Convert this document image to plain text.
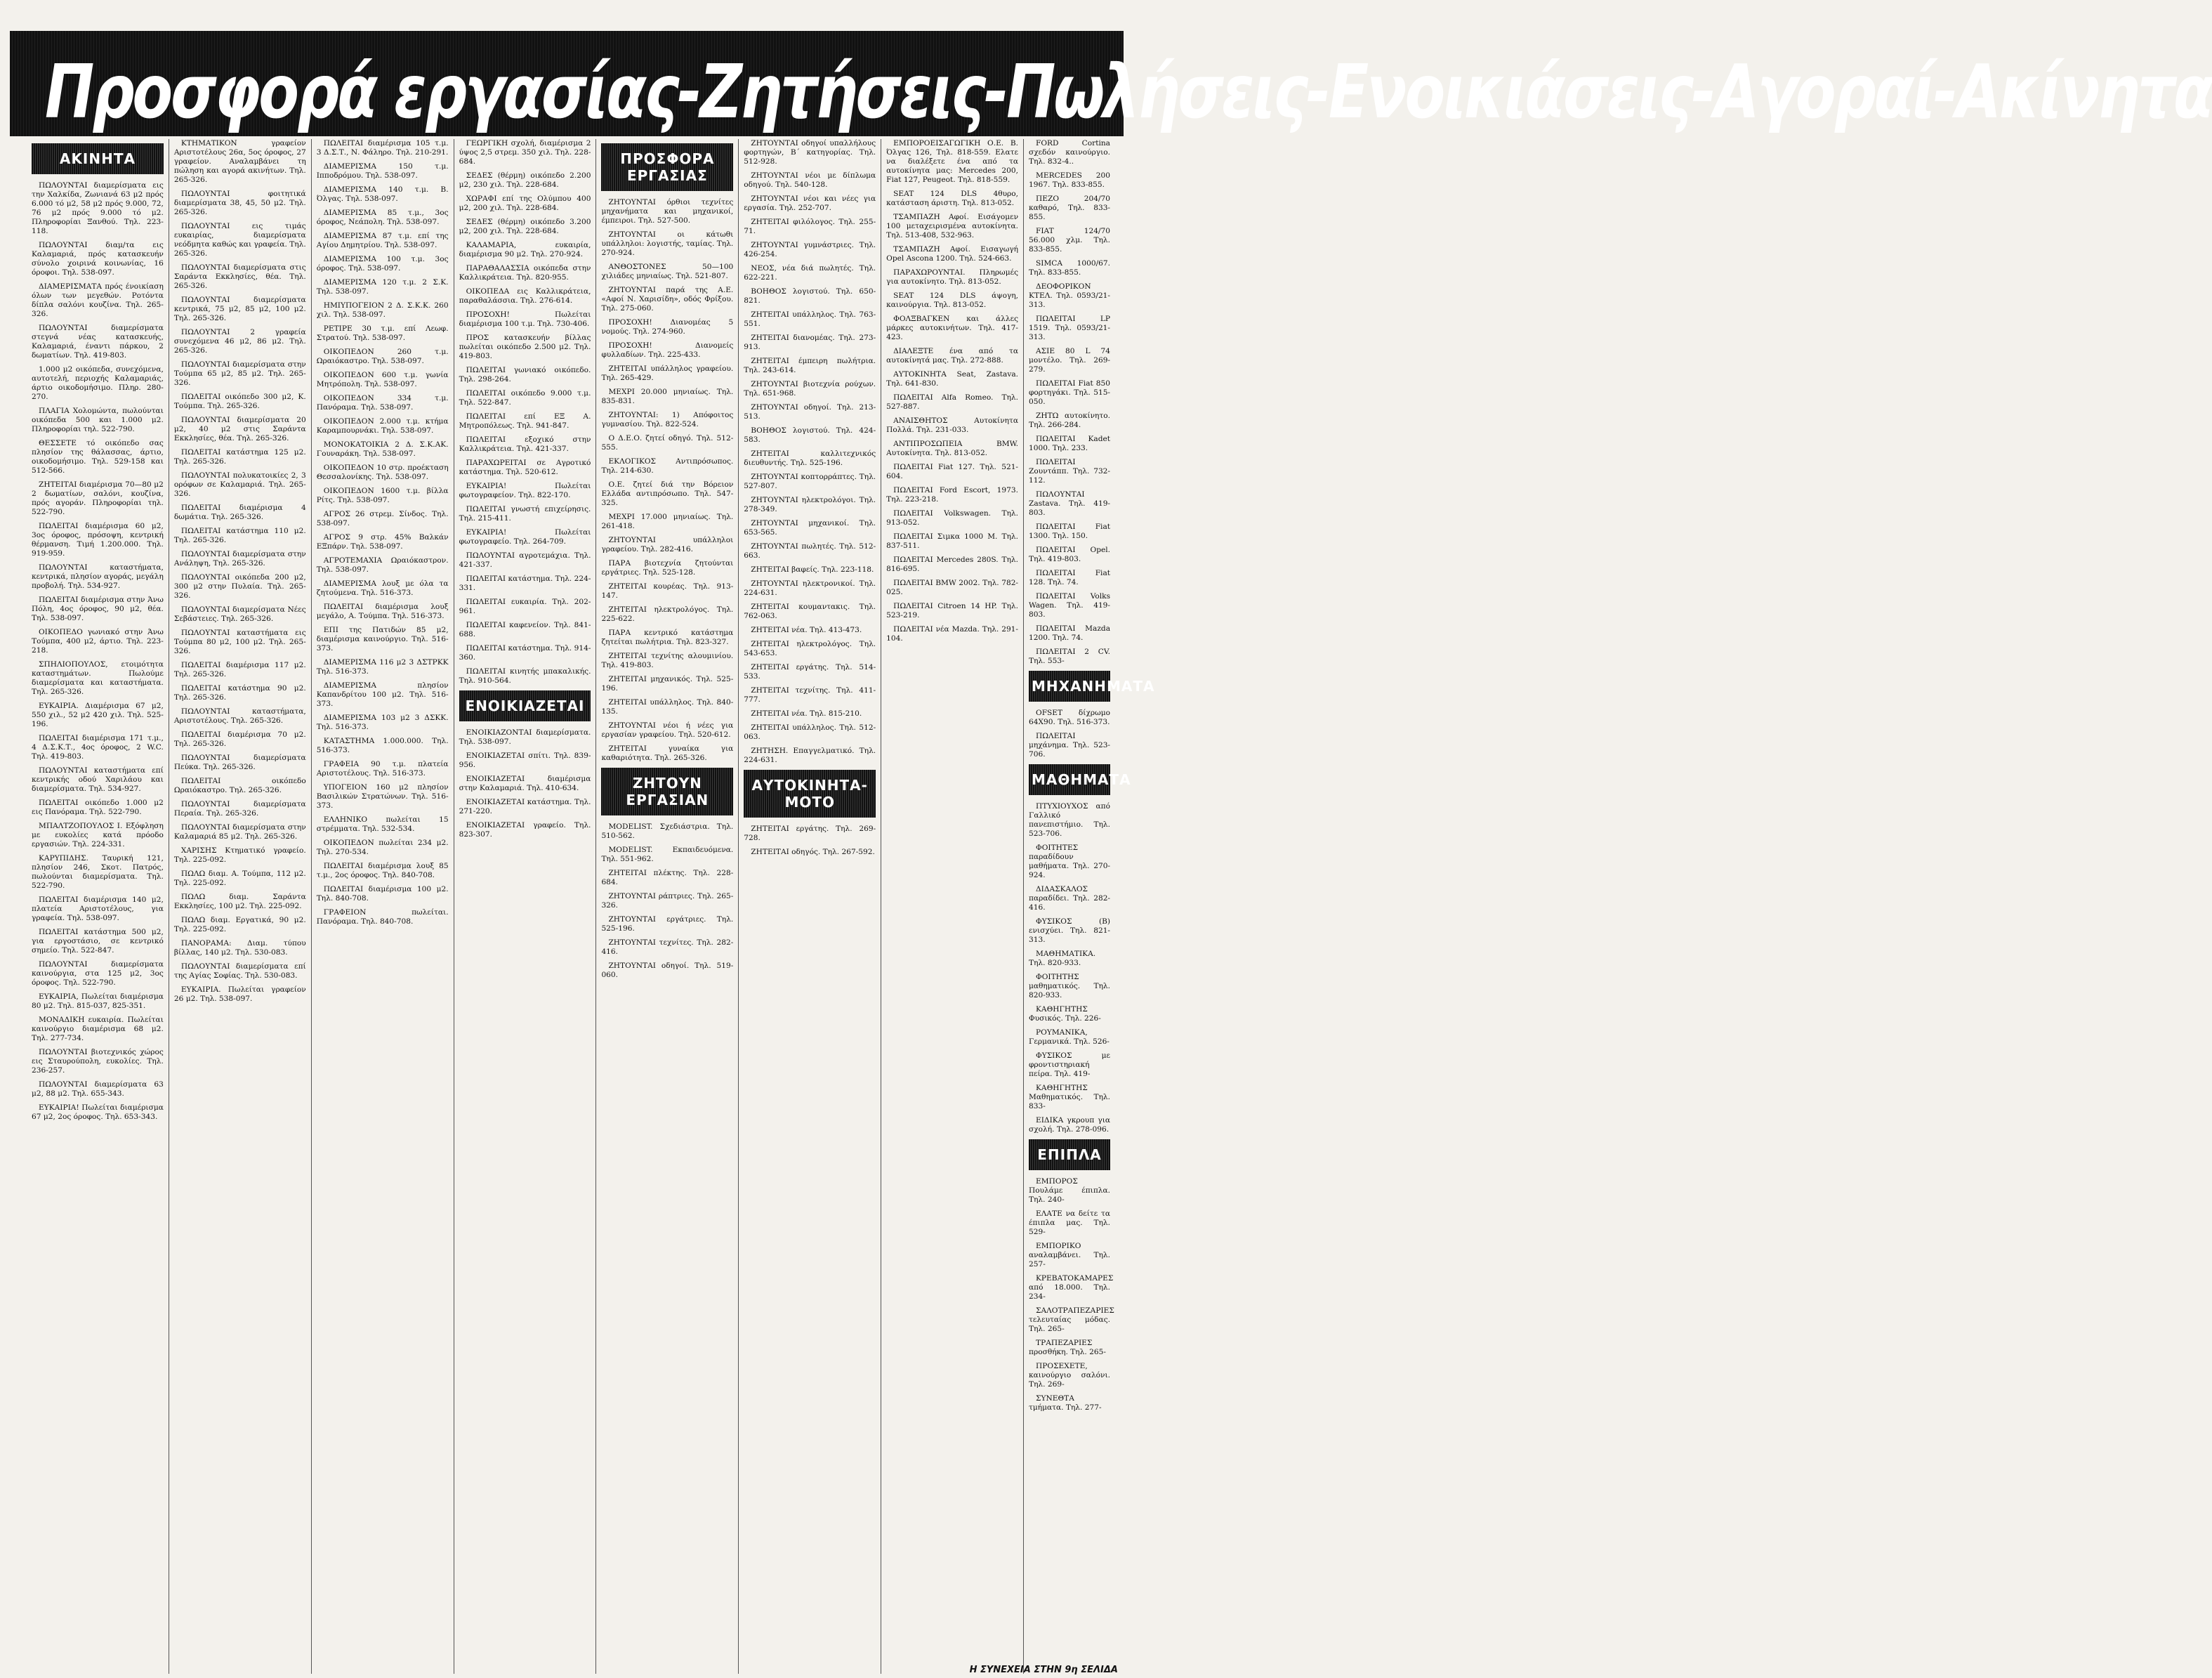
Προσφορά εργασίας-Ζητήσεις-Πωλήσεις-Ενοικιάσεις-Αγοραί-Ακίνητα
ΑΚΙΝΗΤΑ

ΠΩΛΟΥΝΤΑΙ διαμερίσματα εις την Χαλκίδα, Ζωνιανά 63 μ2 πρός 6.000 τό μ2, 58 μ2 πρός 9.000, 72, 76 μ2 πρός 9.000 τό μ2. Πληροφορίαι Ξανθού. Τηλ. 223-118.

ΠΩΛΟΥΝΤΑΙ διαμ/τα εις Καλαμαριά, πρός κατασκευήν σύνολο χοιρινά κοινωνίας, 16 όροφοι. Τηλ. 538-097.

ΔΙΑΜΕΡΙΣΜΑΤΑ πρός ένοικίαση όλων των μεγεθών. Ροτόντα δίπλα σαλόνι κουζίνα. Τηλ. 265-326.

ΠΩΛΟΥΝΤΑΙ διαμερίσματα στεγνά νέας κατασκευής, Καλαμαριά, έναντι πάρκου, 2 δωματίων. Τηλ. 419-803.

1.000 μ2 οικόπεδα, συνεχόμενα, αυτοτελή, περιοχής Καλαμαριάς, άρτιο οικοδομήσιμο. Πληρ. 280-270.

ΠΛΑΓΙΑ Χολομώντα, πωλούνται οικόπεδα 500 και 1.000 μ2. Πληροφορίαι τηλ. 522-790.

ΘΕΣΣΕΤΕ τό οικόπεδο σας πλησίον της θάλασσας, άρτιο, οικοδομήσιμο. Τηλ. 529-158 και 512-566.

ΖΗΤΕΙΤΑΙ διαμέρισμα 70—80 μ2 2 δωματίων, σαλόνι, κουζίνα, πρός αγοράν. Πληροφορίαι τηλ. 522-790.

ΠΩΛΕΙΤΑΙ διαμέρισμα 60 μ2, 3ος όροφος, πρόσοψη, κεντρική θέρμανση. Τιμή 1.200.000. Τηλ. 919-959.

ΠΩΛΟΥΝΤΑΙ καταστήματα, κεντρικά, πλησίον αγοράς, μεγάλη προβολή. Τηλ. 534-927.

ΠΩΛΕΙΤΑΙ διαμέρισμα στην Άνω Πόλη, 4ος όροφος, 90 μ2, θέα. Τηλ. 538-097.

ΟΙΚΟΠΕΔΟ γωνιακό στην Άνω Τούμπα, 400 μ2, άρτιο. Τηλ. 223-218.

ΣΠΗΛΙΟΠΟΥΛΟΣ, ετοιμότητα καταστημάτων. Πωλούμε διαμερίσματα και καταστήματα. Τηλ. 265-326.

ΕΥΚΑΙΡΙΑ. Διαμέρισμα 67 μ2, 550 χιλ., 52 μ2 420 χιλ. Τηλ. 525-196.

ΠΩΛΕΙΤΑΙ διαμέρισμα 171 τ.μ., 4 Δ.Σ.Κ.Τ., 4ος όροφος, 2 W.C. Τηλ. 419-803.

ΠΩΛΟΥΝΤΑΙ καταστήματα επί κεντρικής οδού Χαριλάου και διαμερίσματα. Τηλ. 534-927.

ΠΩΛΕΙΤΑΙ οικόπεδο 1.000 μ2 εις Πανόραμα. Τηλ. 522-790.

ΜΠΑΛΤΖΟΠΟΥΛΟΣ Ι. Εξόφληση με ευκολίες κατά πρόοδο εργασιών. Τηλ. 224-331.

ΚΑΡΥΠΙΔΗΣ. Ταυρική 121, πλησίον 246, Σκοτ. Πατρός, πωλούνται διαμερίσματα. Τηλ. 522-790.

ΠΩΛΕΙΤΑΙ διαμέρισμα 140 μ2, πλατεία Αριστοτέλους, για γραφεία. Τηλ. 538-097.

ΠΩΛΕΙΤΑΙ κατάστημα 500 μ2, για εργοστάσιο, σε κεντρικό σημείο. Τηλ. 522-847.

ΠΩΛΟΥΝΤΑΙ διαμερίσματα καινούργια, στα 125 μ2, 3ος όροφος. Τηλ. 522-790.

ΕΥΚΑΙΡΙΑ, Πωλείται διαμέρισμα 80 μ2. Τηλ. 815-037, 825-351.

ΜΟΝΑΔΙΚΗ ευκαιρία. Πωλείται καινούργιο διαμέρισμα 68 μ2. Τηλ. 277-734.

ΠΩΛΟΥΝΤΑΙ βιοτεχνικός χώρος εις Σταυρούπολη, ευκολίες. Τηλ. 236-257.

ΠΩΛΟΥΝΤΑΙ διαμερίσματα 63 μ2, 88 μ2. Τηλ. 655-343.

ΕΥΚΑΙΡΙΑ! Πωλείται διαμέρισμα 67 μ2, 2ος όροφος. Τηλ. 653-343.

ΚΤΗΜΑΤΙΚΟΝ γραφείον Αριστοτέλους 26α, 5ος όροφος, 27 γραφείον. Αναλαμβάνει τη πώληση και αγορά ακινήτων. Τηλ. 265-326.

ΠΩΛΟΥΝΤΑΙ φοιτητικά διαμερίσματα 38, 45, 50 μ2. Τηλ. 265-326.

ΠΩΛΟΥΝΤΑΙ εις τιμάς ευκαιρίας, διαμερίσματα νεόδμητα καθώς και γραφεία. Τηλ. 265-326.

ΠΩΛΟΥΝΤΑΙ διαμερίσματα στις Σαράντα Εκκλησίες, θέα. Τηλ. 265-326.

ΠΩΛΟΥΝΤΑΙ διαμερίσματα κεντρικά, 75 μ2, 85 μ2, 100 μ2. Τηλ. 265-326.

ΠΩΛΟΥΝΤΑΙ 2 γραφεία συνεχόμενα 46 μ2, 86 μ2. Τηλ. 265-326.

ΠΩΛΟΥΝΤΑΙ διαμερίσματα στην Τούμπα 65 μ2, 85 μ2. Τηλ. 265-326.

ΠΩΛΕΙΤΑΙ οικόπεδο 300 μ2, Κ. Τούμπα. Τηλ. 265-326.

ΠΩΛΟΥΝΤΑΙ διαμερίσματα 20 μ2, 40 μ2 στις Σαράντα Εκκλησίες, θέα. Τηλ. 265-326.

ΠΩΛΕΙΤΑΙ κατάστημα 125 μ2. Τηλ. 265-326.

ΠΩΛΟΥΝΤΑΙ πολυκατοικίες 2, 3 ορόφων σε Καλαμαριά. Τηλ. 265-326.

ΠΩΛΕΙΤΑΙ διαμέρισμα 4 δωμάτια. Τηλ. 265-326.

ΠΩΛΕΙΤΑΙ κατάστημα 110 μ2. Τηλ. 265-326.

ΠΩΛΟΥΝΤΑΙ διαμερίσματα στην Ανάληψη, Τηλ. 265-326.

ΠΩΛΟΥΝΤΑΙ οικόπεδα 200 μ2, 300 μ2 στην Πυλαία. Τηλ. 265-326.

ΠΩΛΟΥΝΤΑΙ διαμερίσματα Νέες Σεβάστειες. Τηλ. 265-326.

ΠΩΛΟΥΝΤΑΙ καταστήματα εις Τούμπα 80 μ2, 100 μ2. Τηλ. 265-326.

ΠΩΛΕΙΤΑΙ διαμέρισμα 117 μ2. Τηλ. 265-326.

ΠΩΛΕΙΤΑΙ κατάστημα 90 μ2. Τηλ. 265-326.

ΠΩΛΟΥΝΤΑΙ καταστήματα, Αριστοτέλους. Τηλ. 265-326.

ΠΩΛΕΙΤΑΙ διαμέρισμα 70 μ2. Τηλ. 265-326.

ΠΩΛΟΥΝΤΑΙ διαμερίσματα Πεύκα. Τηλ. 265-326.

ΠΩΛΕΙΤΑΙ οικόπεδο Ωραιόκαστρο. Τηλ. 265-326.

ΠΩΛΟΥΝΤΑΙ διαμερίσματα Περαία. Τηλ. 265-326.

ΠΩΛΟΥΝΤΑΙ διαμερίσματα στην Καλαμαριά 85 μ2. Τηλ. 265-326.

ΧΑΡΙΣΗΣ Κτηματικό γραφείο. Τηλ. 225-092.

ΠΩΛΩ διαμ. Α. Τούμπα, 112 μ2. Τηλ. 225-092.

ΠΩΛΩ διαμ. Σαράντα Εκκλησίες, 100 μ2. Τηλ. 225-092.

ΠΩΛΩ διαμ. Εργατικά, 90 μ2. Τηλ. 225-092.

ΠΑΝΟΡΑΜΑ: Διαμ. τύπου βίλλας, 140 μ2. Τηλ. 530-083.

ΠΩΛΟΥΝΤΑΙ διαμερίσματα επί της Αγίας Σοφίας. Τηλ. 530-083.

ΕΥΚΑΙΡΙΑ. Πωλείται γραφείον 26 μ2. Τηλ. 538-097.

ΠΩΛΕΙΤΑΙ διαμέρισμα 105 τ.μ. 3 Δ.Σ.Τ., Ν. Φάληρο. Τηλ. 210-291.

ΔΙΑΜΕΡΙΣΜΑ 150 τ.μ. Ιπποδρόμου. Τηλ. 538-097.

ΔΙΑΜΕΡΙΣΜΑ 140 τ.μ. Β. Όλγας. Τηλ. 538-097.

ΔΙΑΜΕΡΙΣΜΑ 85 τ.μ., 3ος όροφος, Νεάπολη. Τηλ. 538-097.

ΔΙΑΜΕΡΙΣΜΑ 87 τ.μ. επί της Αγίου Δημητρίου. Τηλ. 538-097.

ΔΙΑΜΕΡΙΣΜΑ 100 τ.μ. 3ος όροφος. Τηλ. 538-097.

ΔΙΑΜΕΡΙΣΜΑ 120 τ.μ. 2 Σ.Κ. Τηλ. 538-097.

ΗΜΙΥΠΟΓΕΙΟΝ 2 Δ. Σ.Κ.Κ. 260 χιλ. Τηλ. 538-097.

ΡΕΤΙΡΕ 30 τ.μ. επί Λεωφ. Στρατού. Τηλ. 538-097.

ΟΙΚΟΠΕΔΟΝ 260 τ.μ. Ωραιόκαστρο. Τηλ. 538-097.

ΟΙΚΟΠΕΔΟΝ 600 τ.μ. γωνία Μητρόπολη. Τηλ. 538-097.

ΟΙΚΟΠΕΔΟΝ 334 τ.μ. Πανόραμα. Τηλ. 538-097.

ΟΙΚΟΠΕΔΟΝ 2.000 τ.μ. κτήμα Καραμπουρνάκι. Τηλ. 538-097.

ΜΟΝΟΚΑΤΟΙΚΙΑ 2 Δ. Σ.Κ.ΑΚ. Γουναράκη. Τηλ. 538-097.

ΟΙΚΟΠΕΔΟΝ 10 στρ. προέκταση Θεσσαλονίκης. Τηλ. 538-097.

ΟΙΚΟΠΕΔΟΝ 1600 τ.μ. βίλλα Ρίτς. Τηλ. 538-097.

ΑΓΡΟΣ 26 στρεμ. Σίνδος. Τηλ. 538-097.

ΑΓΡΟΣ 9 στρ. 45% Βαλκάν ΕΞπάρν. Τηλ. 538-097.

ΑΓΡΟΤΕΜΑΧΙΑ Ωραιόκαστρον. Τηλ. 538-097.

ΔΙΑΜΕΡΙΣΜΑ λουξ με όλα τα ζητούμενα. Τηλ. 516-373.

ΠΩΛΕΙΤΑΙ διαμέρισμα λουξ μεγάλο, Α. Τούμπα. Τηλ. 516-373.

ΕΠΙ της Πατιδών 85 μ2, διαμέρισμα καινούργιο. Τηλ. 516-373.

ΔΙΑΜΕΡΙΣΜΑ 116 μ2 3 ΔΣΤΡΚΚ Τηλ. 516-373.

ΔΙΑΜΕΡΙΣΜΑ πλησίον Καπανδρίτου 100 μ2. Τηλ. 516-373.

ΔΙΑΜΕΡΙΣΜΑ 103 μ2 3 ΔΣΚΚ. Τηλ. 516-373.

ΚΑΤΑΣΤΗΜΑ 1.000.000. Τηλ. 516-373.

ΓΡΑΦΕΙΑ 90 τ.μ. πλατεία Αριστοτέλους. Τηλ. 516-373.

ΥΠΟΓΕΙΟΝ 160 μ2 πλησίον Βασιλικών Στρατώνων. Τηλ. 516-373.

ΕΛΛΗΝΙΚΟ πωλείται 15 στρέμματα. Τηλ. 532-534.

ΟΙΚΟΠΕΔΟΝ πωλείται 234 μ2. Τηλ. 270-534.

ΠΩΛΕΙΤΑΙ διαμέρισμα λουξ 85 τ.μ., 2ος όροφος. Τηλ. 840-708.

ΠΩΛΕΙΤΑΙ διαμέρισμα 100 μ2. Τηλ. 840-708.

ΓΡΑΦΕΙΟΝ πωλείται. Πανόραμα. Τηλ. 840-708.

ΓΕΩΡΓΙΚΗ σχολή, διαμέρισμα 2 ύψος 2,5 στρεμ. 350 χιλ. Τηλ. 228-684.

ΣΕΔΕΣ (θέρμη) οικόπεδο 2.200 μ2, 230 χιλ. Τηλ. 228-684.

ΧΩΡΑΦΙ επί της Ολύμπου 400 μ2, 200 χιλ. Τηλ. 228-684.

ΣΕΔΕΣ (θέρμη) οικόπεδο 3.200 μ2, 200 χιλ. Τηλ. 228-684.

ΚΑΛΑΜΑΡΙΑ, ευκαιρία, διαμέρισμα 90 μ2. Τηλ. 270-924.

ΠΑΡΑΘΑΛΑΣΣΙΑ οικόπεδα στην Καλλικράτεια. Τηλ. 820-955.

ΟΙΚΟΠΕΔΑ εις Καλλικράτεια, παραθαλάσσια. Τηλ. 276-614.

ΠΡΟΣΟΧΗ! Πωλείται διαμέρισμα 100 τ.μ. Τηλ. 730-406.

ΠΡΟΣ κατασκευήν βίλλας πωλείται οικόπεδο 2.500 μ2. Τηλ. 419-803.

ΠΩΛΕΙΤΑΙ γωνιακό οικόπεδο. Τηλ. 298-264.

ΠΩΛΕΙΤΑΙ οικόπεδο 9.000 τ.μ. Τηλ. 522-847.

ΠΩΛΕΙΤΑΙ επί ΕΞ Α. Μητροπόλεως. Τηλ. 941-847.

ΠΩΛΕΙΤΑΙ εξοχικό στην Καλλικράτεια. Τηλ. 421-337.

ΠΑΡΑΧΩΡΕΙΤΑΙ σε Αγροτικό κατάστημα. Τηλ. 520-612.

ΕΥΚΑΙΡΙΑ! Πωλείται φωτογραφείον. Τηλ. 822-170.

ΠΩΛΕΙΤΑΙ γνωστή επιχείρησις. Τηλ. 215-411.

ΕΥΚΑΙΡΙΑ! Πωλείται φωτογραφείο. Τηλ. 264-709.

ΠΩΛΟΥΝΤΑΙ αγροτεμάχια. Τηλ. 421-337.

ΠΩΛΕΙΤΑΙ κατάστημα. Τηλ. 224-331.

ΠΩΛΕΙΤΑΙ ευκαιρία. Τηλ. 202-961.

ΠΩΛΕΙΤΑΙ καφενείον. Τηλ. 841-688.

ΠΩΛΕΙΤΑΙ κατάστημα. Τηλ. 914-360.

ΠΩΛΕΙΤΑΙ κινητής μπακαλικής. Τηλ. 910-564.

ΕΝΟΙΚΙΑΖΕΤΑΙ

ΕΝΟΙΚΙΑΖΟΝΤΑΙ διαμερίσματα. Τηλ. 538-097.

ΕΝΟΙΚΙΑΖΕΤΑΙ σπίτι. Τηλ. 839-956.

ΕΝΟΙΚΙΑΖΕΤΑΙ διαμέρισμα στην Καλαμαριά. Τηλ. 410-634.

ΕΝΟΙΚΙΑΖΕΤΑΙ κατάστημα. Τηλ. 271-220.

ΕΝΟΙΚΙΑΖΕΤΑΙ γραφείο. Τηλ. 823-307.

ΠΡΟΣΦΟΡΑ ΕΡΓΑΣΙΑΣ

ΖΗΤΟΥΝΤΑΙ όρθιοι τεχνίτες μηχανήματα και μηχανικοί, έμπειροι. Τηλ. 527-500.

ΖΗΤΟΥΝΤΑΙ οι κάτωθι υπάλληλοι: λογιστής, ταμίας. Τηλ. 270-924.

ΑΝΘΟΣΤΟΝΕΣ 50—100 χιλιάδες μηνιαίως. Τηλ. 521-807.

ΖΗΤΟΥΝΤΑΙ παρά της Α.Ε. «Αφοί Ν. Χαρισίδη», οδός Φρίξου. Τηλ. 275-060.

ΠΡΟΣΟΧΗ! Διανομέας 5 νομούς. Τηλ. 274-960.

ΠΡΟΣΟΧΗ! Διανομείς φυλλαδίων. Τηλ. 225-433.

ΖΗΤΕΙΤΑΙ υπάλληλος γραφείου. Τηλ. 265-429.

ΜΕΧΡΙ 20.000 μηνιαίως. Τηλ. 835-831.

ΖΗΤΟΥΝΤΑΙ: 1) Απόφοιτος γυμνασίου. Τηλ. 822-524.

Ο Δ.Ε.Ο. ζητεί οδηγό. Τηλ. 512-555.

ΕΚΛΟΓΙΚΟΣ Αντιπρόσωπος. Τηλ. 214-630.

Ο.Ε. ζητεί διά την Βόρειον Ελλάδα αντιπρόσωπο. Τηλ. 547-325.

ΜΕΧΡΙ 17.000 μηνιαίως. Τηλ. 261-418.

ΖΗΤΟΥΝΤΑΙ υπάλληλοι γραφείου. Τηλ. 282-416.

ΠΑΡΑ βιοτεχνία ζητούνται εργάτριες. Τηλ. 525-128.

ΖΗΤΕΙΤΑΙ κουρέας. Τηλ. 913-147.

ΖΗΤΕΙΤΑΙ ηλεκτρολόγος. Τηλ. 225-622.

ΠΑΡΑ κεντρικό κατάστημα ζητείται πωλήτρια. Τηλ. 823-327.

ΖΗΤΕΙΤΑΙ τεχνίτης αλουμινίου. Τηλ. 419-803.

ΖΗΤΕΙΤΑΙ μηχανικός. Τηλ. 525-196.

ΖΗΤΕΙΤΑΙ υπάλληλος. Τηλ. 840-135.

ΖΗΤΟΥΝΤΑΙ νέοι ή νέες για εργασίαν γραφείου. Τηλ. 520-612.

ΖΗΤΕΙΤΑΙ γυναίκα για καθαριότητα. Τηλ. 265-326.

ΖΗΤΟΥΝ ΕΡΓΑΣΙΑΝ

MODELIST. Σχεδιάστρια. Τηλ. 510-562.

MODELIST. Εκπαιδευόμενα. Τηλ. 551-962.

ΖΗΤΕΙΤΑΙ πλέκτης. Τηλ. 228-684.

ΖΗΤΟΥΝΤΑΙ ράπτριες. Τηλ. 265-326.

ΖΗΤΟΥΝΤΑΙ εργάτριες. Τηλ. 525-196.

ΖΗΤΟΥΝΤΑΙ τεχνίτες. Τηλ. 282-416.

ΖΗΤΟΥΝΤΑΙ οδηγοί. Τηλ. 519-060.

ΖΗΤΟΥΝΤΑΙ οδηγοί υπαλλήλους φορτηγών, Β΄ κατηγορίας. Τηλ. 512-928.

ΖΗΤΟΥΝΤΑΙ νέοι με δίπλωμα οδηγού. Τηλ. 540-128.

ΖΗΤΟΥΝΤΑΙ νέοι και νέες για εργασία. Τηλ. 252-707.

ΖΗΤΕΙΤΑΙ φιλόλογος. Τηλ. 255-71.

ΖΗΤΟΥΝΤΑΙ γυμνάστριες. Τηλ. 426-254.

ΝΕΟΣ, νέα διά πωλητές. Τηλ. 622-221.

ΒΟΗΘΟΣ λογιστού. Τηλ. 650-821.

ΖΗΤΕΙΤΑΙ υπάλληλος. Τηλ. 763-551.

ΖΗΤΕΙΤΑΙ διανομέας. Τηλ. 273-913.

ΖΗΤΕΙΤΑΙ έμπειρη πωλήτρια. Τηλ. 243-614.

ΖΗΤΟΥΝΤΑΙ βιοτεχνία ρούχων. Τηλ. 651-968.

ΖΗΤΟΥΝΤΑΙ οδηγοί. Τηλ. 213-513.

ΒΟΗΘΟΣ λογιστού. Τηλ. 424-583.

ΖΗΤΕΙΤΑΙ καλλιτεχνικός διευθυντής. Τηλ. 525-196.

ΖΗΤΟΥΝΤΑΙ κοπτορράπτες. Τηλ. 527-807.

ΖΗΤΟΥΝΤΑΙ ηλεκτρολόγοι. Τηλ. 278-349.

ΖΗΤΟΥΝΤΑΙ μηχανικοί. Τηλ. 653-565.

ΖΗΤΟΥΝΤΑΙ πωλητές. Τηλ. 512-663.

ΖΗΤΕΙΤΑΙ βαφείς. Τηλ. 223-118.

ΖΗΤΟΥΝΤΑΙ ηλεκτρονικοί. Τηλ. 224-631.

ΖΗΤΕΙΤΑΙ κουμαντακις. Τηλ. 762-063.

ΖΗΤΕΙΤΑΙ νέα. Τηλ. 413-473.

ΖΗΤΕΙΤΑΙ ηλεκτρολόγος. Τηλ. 543-653.

ΖΗΤΕΙΤΑΙ εργάτης. Τηλ. 514-533.

ΖΗΤΕΙΤΑΙ τεχνίτης. Τηλ. 411-777.

ΖΗΤΕΙΤΑΙ νέα. Τηλ. 815-210.

ΖΗΤΕΙΤΑΙ υπάλληλος. Τηλ. 512-063.

ΖΗΤΗΣΗ. Επαγγελματικό. Τηλ. 224-631.

ΑΥΤΟΚΙΝΗΤΑ-ΜΟΤΟ

ΖΗΤΕΙΤΑΙ εργάτης. Τηλ. 269-728.

ΖΗΤΕΙΤΑΙ οδηγός. Τηλ. 267-592.

ΕΜΠΟΡΟΕΙΣΑΓΩΓΙΚΗ Ο.Ε. Β. Όλγας 126, Τηλ. 818-559. Ελατε να διαλέξετε ένα από τα αυτοκίνητα μας: Mercedes 200, Fiat 127, Peugeot. Τηλ. 818-559.

SEAT 124 DLS 4θυρο, κατάσταση άριστη. Τηλ. 813-052.

ΤΣΑΜΠΑΖΗ Αφοί. Εισάγομεν 100 μεταχειρισμένα αυτοκίνητα. Τηλ. 513-408, 532-963.

ΤΣΑΜΠΑΖΗ Αφοί. Εισαγωγή Opel Ascona 1200. Τηλ. 524-663.

ΠΑΡΑΧΩΡΟΥΝΤΑΙ. Πληρωμές για αυτοκίνητο. Τηλ. 813-052.

SEAT 124 DLS άψογη, καινούργια. Τηλ. 813-052.

ΦΟΛΞΒΑΓΚΕΝ και άλλες μάρκες αυτοκινήτων. Τηλ. 417-423.

ΔΙΑΛΕΞΤΕ ένα από τα αυτοκίνητά μας. Τηλ. 272-888.

ΑΥΤΟΚΙΝΗΤΑ Seat, Zastava. Τηλ. 641-830.

ΠΩΛΕΙΤΑΙ Alfa Romeo. Τηλ. 527-887.

ΑΝΑΙΣΘΗΤΟΣ Αυτοκίνητα Πολλά. Τηλ. 231-033.

ΑΝΤΙΠΡΟΣΩΠΕΙΑ BMW. Αυτοκίνητα. Τηλ. 813-052.

ΠΩΛΕΙΤΑΙ Fiat 127. Τηλ. 521-604.

ΠΩΛΕΙΤΑΙ Ford Escort, 1973. Τηλ. 223-218.

ΠΩΛΕΙΤΑΙ Volkswagen. Τηλ. 913-052.

ΠΩΛΕΙΤΑΙ Σιμκα 1000 Μ. Τηλ. 837-511.

ΠΩΛΕΙΤΑΙ Mercedes 280S. Τηλ. 816-695.

ΠΩΛΕΙΤΑΙ BMW 2002. Τηλ. 782-025.

ΠΩΛΕΙΤΑΙ Citroen 14 HP. Τηλ. 523-219.

ΠΩΛΕΙΤΑΙ νέα Mazda. Τηλ. 291-104.

FORD Cortina σχεδόν καινούργιο. Τηλ. 832-4..

MERCEDES 200 1967. Τηλ. 833-855.

ΠΕΖΟ 204/70 καθαρό, Τηλ. 833-855.

FIAT 124/70 56.000 χλμ. Τηλ. 833-855.

SIMCA 1000/67. Τηλ. 833-855.

ΔΕΟΦΟΡΙΚΟΝ ΚΤΕΛ. Τηλ. 0593/21-313.

ΠΩΛΕΙΤΑΙ LP 1519. Τηλ. 0593/21-313.

ΑΣΙΕ 80 L 74 μοντέλο. Τηλ. 269-279.

ΠΩΛΕΙΤΑΙ Fiat 850 φορτηγάκι. Τηλ. 515-050.

ΖΗΤΩ αυτοκίνητο. Τηλ. 266-284.

ΠΩΛΕΙΤΑΙ Kadet 1000. Τηλ. 233.

ΠΩΛΕΙΤΑΙ Ζουντάππ. Τηλ. 732-112.

ΠΩΛΟΥΝΤΑΙ Zastava. Τηλ. 419-803.

ΠΩΛΕΙΤΑΙ Fiat 1300. Τηλ. 150.

ΠΩΛΕΙΤΑΙ Opel. Τηλ. 419-803.

ΠΩΛΕΙΤΑΙ Fiat 128. Τηλ. 74.

ΠΩΛΕΙΤΑΙ Volks Wagen. Τηλ. 419-803.

ΠΩΛΕΙΤΑΙ Mazda 1200. Τηλ. 74.

ΠΩΛΕΙΤΑΙ 2 CV. Τηλ. 553-

ΜΗΧΑΝΗΜΑΤΑ

OFSET δίχρωμο 64Χ90. Τηλ. 516-373.

ΠΩΛΕΙΤΑΙ μηχάνημα. Τηλ. 523-706.

ΜΑΘΗΜΑΤΑ

ΠΤΥΧΙΟΥΧΟΣ από Γαλλικό πανεπιστήμιο. Τηλ. 523-706.

ΦΟΙΤΗΤΕΣ παραδίδουν μαθήματα. Τηλ. 270-924.

ΔΙΔΑΣΚΑΛΟΣ παραδίδει. Τηλ. 282-416.

ΦΥΣΙΚΟΣ (Β) ενισχύει. Τηλ. 821-313.

ΜΑΘΗΜΑΤΙΚΑ. Τηλ. 820-933.

ΦΟΙΤΗΤΗΣ μαθηματικός. Τηλ. 820-933.

ΚΑΘΗΓΗΤΗΣ Φυσικός. Τηλ. 226-

ΡΟΥΜΑΝΙΚΑ, Γερμανικά. Τηλ. 526-

ΦΥΣΙΚΟΣ με φροντιστηριακή πείρα. Τηλ. 419-

ΚΑΘΗΓΗΤΗΣ Μαθηματικός. Τηλ. 833-

ΕΙΔΙΚΑ γκρουπ για σχολή. Τηλ. 278-096.

ΕΠΙΠΛΑ

ΕΜΠΟΡΟΣ Πουλάμε έπιπλα. Τηλ. 240-

ΕΛΑΤΕ να δείτε τα έπιπλα μας. Τηλ. 529-

ΕΜΠΟΡΙΚΟ αναλαμβάνει. Τηλ. 257-

ΚΡΕΒΑΤΟΚΑΜΑΡΕΣ από 18.000. Τηλ. 234-

ΣΑΛΟΤΡΑΠΕΖΑΡΙΕΣ τελευταίας μόδας. Τηλ. 265-

ΤΡΑΠΕΖΑΡΙΕΣ προσθήκη. Τηλ. 265-

ΠΡΟΣΕΧΕΤΕ, καινούργιο σαλόνι. Τηλ. 269-

ΣΥΝΕΘΤΑ τμήματα. Τηλ. 277-

Η ΣΥΝΕΧΕΙΑ ΣΤΗΝ 9η ΣΕΛΙΔΑ
